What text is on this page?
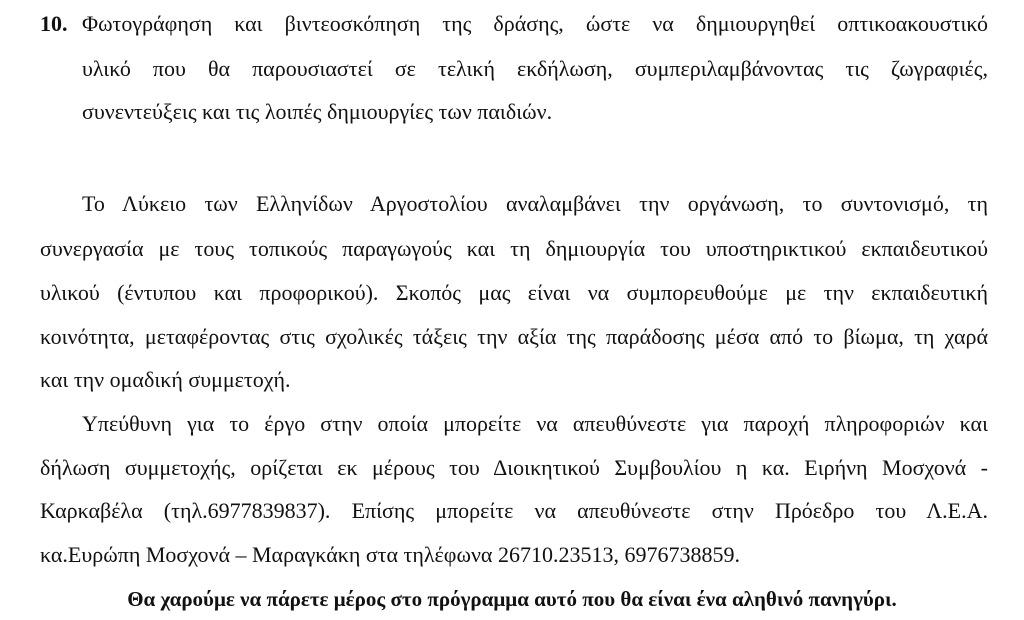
10. Φωτογράφηση και βιντεοσκόπηση της δράσης, ώστε να δημιουργηθεί οπτικοακουστικό
υλικό που θα παρουσιαστεί σε τελική εκδήλωση, συμπεριλαμβάνοντας τις ζωγραφιές,
συνεντεύξεις και τις λοιπές δημιουργίες των παιδιών.
Το Λύκειο των Ελληνίδων Αργοστολίου αναλαμβάνει την οργάνωση, το συντονισμό, τη
συνεργασία με τους τοπικούς παραγωγούς και τη δημιουργία του υποστηρικτικού εκπαιδευτικού
υλικού (έντυπου και προφορικού). Σκοπός μας είναι να συμπορευθούμε με την εκπαιδευτική
κοινότητα, μεταφέροντας στις σχολικές τάξεις την αξία της παράδοσης μέσα από το βίωμα, τη χαρά
και την ομαδική συμμετοχή.
Υπεύθυνη για το έργο στην οποία μπορείτε να απευθύνεστε για παροχή πληροφοριών και
δήλωση συμμετοχής, ορίζεται εκ μέρους του Διοικητικού Συμβουλίου η κα. Ειρήνη Μοσχονά -
Καρκαβέλα (τηλ.6977839837). Επίσης μπορείτε να απευθύνεστε στην Πρόεδρο του Λ.Ε.Α.
κα.Ευρώπη Μοσχονά – Μαραγκάκη στα τηλέφωνα 26710.23513, 6976738859.
Θα χαρούμε να πάρετε μέρος στο πρόγραμμα αυτό που θα είναι ένα αληθινό πανηγύρι.
